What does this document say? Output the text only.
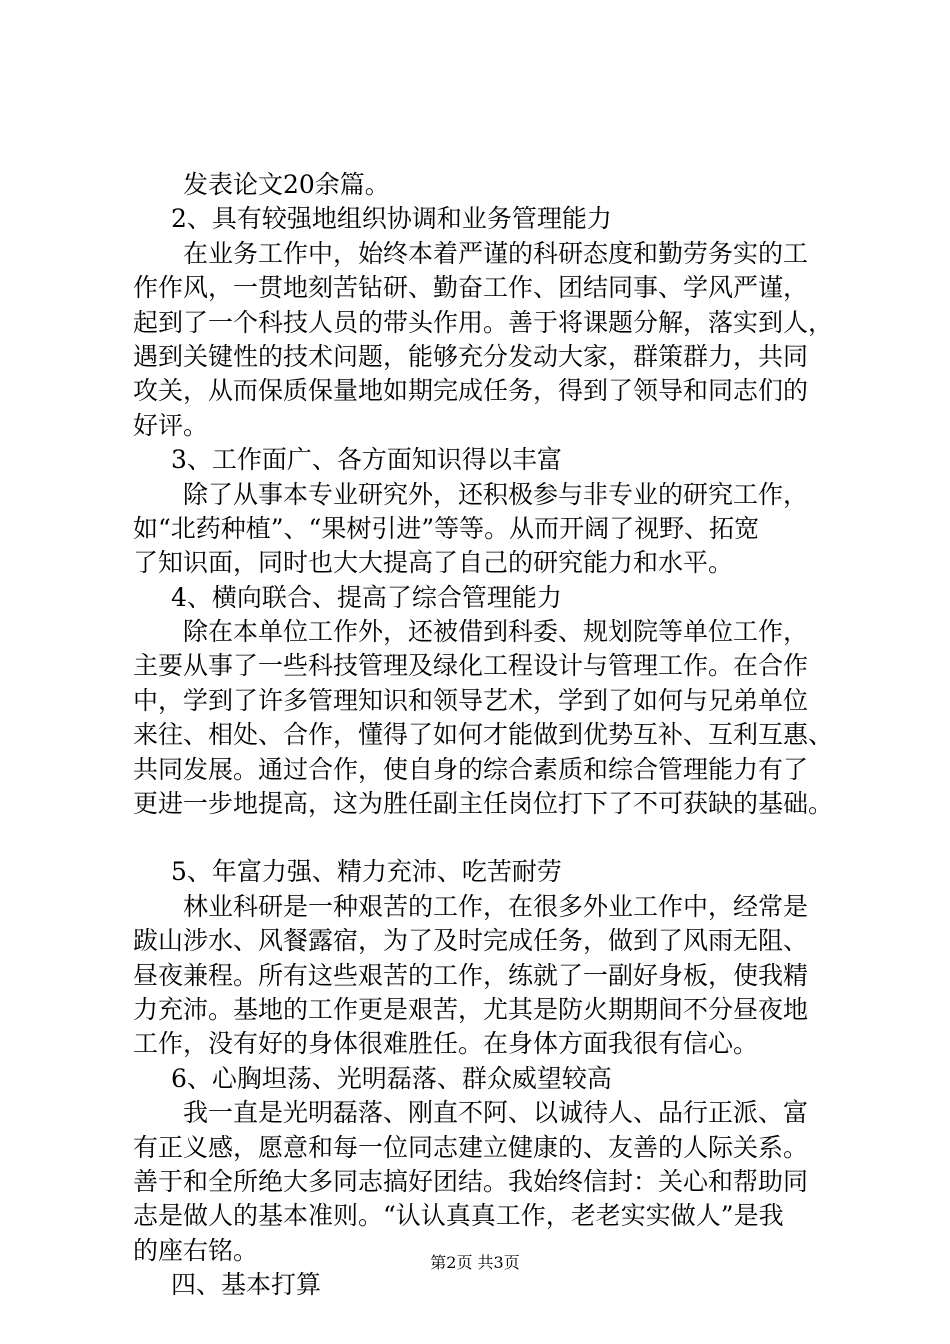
发表论文20余篇。
2、具有较强地组织协调和业务管理能力
在业务工作中，始终本着严谨的科研态度和勤劳务实的工
作作风，一贯地刻苦钻研、勤奋工作、团结同事、学风严谨，
起到了一个科技人员的带头作用。善于将课题分解，落实到人，
遇到关键性的技术问题，能够充分发动大家，群策群力，共同
攻关，从而保质保量地如期完成任务，得到了领导和同志们的
好评。
3、工作面广、各方面知识得以丰富
除了从事本专业研究外，还积极参与非专业的研究工作，
如“北药种植”、“果树引进”等等。从而开阔了视野、拓宽
了知识面，同时也大大提高了自己的研究能力和水平。
4、横向联合、提高了综合管理能力
除在本单位工作外，还被借到科委、规划院等单位工作，
主要从事了一些科技管理及绿化工程设计与管理工作。在合作
中，学到了许多管理知识和领导艺术，学到了如何与兄弟单位
来往、相处、合作，懂得了如何才能做到优势互补、互利互惠、
共同发展。通过合作，使自身的综合素质和综合管理能力有了
更进一步地提高，这为胜任副主任岗位打下了不可获缺的基础。
5、年富力强、精力充沛、吃苦耐劳
林业科研是一种艰苦的工作，在很多外业工作中，经常是
跋山涉水、风餐露宿，为了及时完成任务，做到了风雨无阻、
昼夜兼程。所有这些艰苦的工作，练就了一副好身板，使我精
力充沛。基地的工作更是艰苦，尤其是防火期期间不分昼夜地
工作，没有好的身体很难胜任。在身体方面我很有信心。
6、心胸坦荡、光明磊落、群众威望较高
我一直是光明磊落、刚直不阿、以诚待人、品行正派、富
有正义感，愿意和每一位同志建立健康的、友善的人际关系。
善于和全所绝大多同志搞好团结。我始终信封：关心和帮助同
志是做人的基本准则。“认认真真工作，老老实实做人”是我
的座右铭。
四、基本打算
第2页 共3页
